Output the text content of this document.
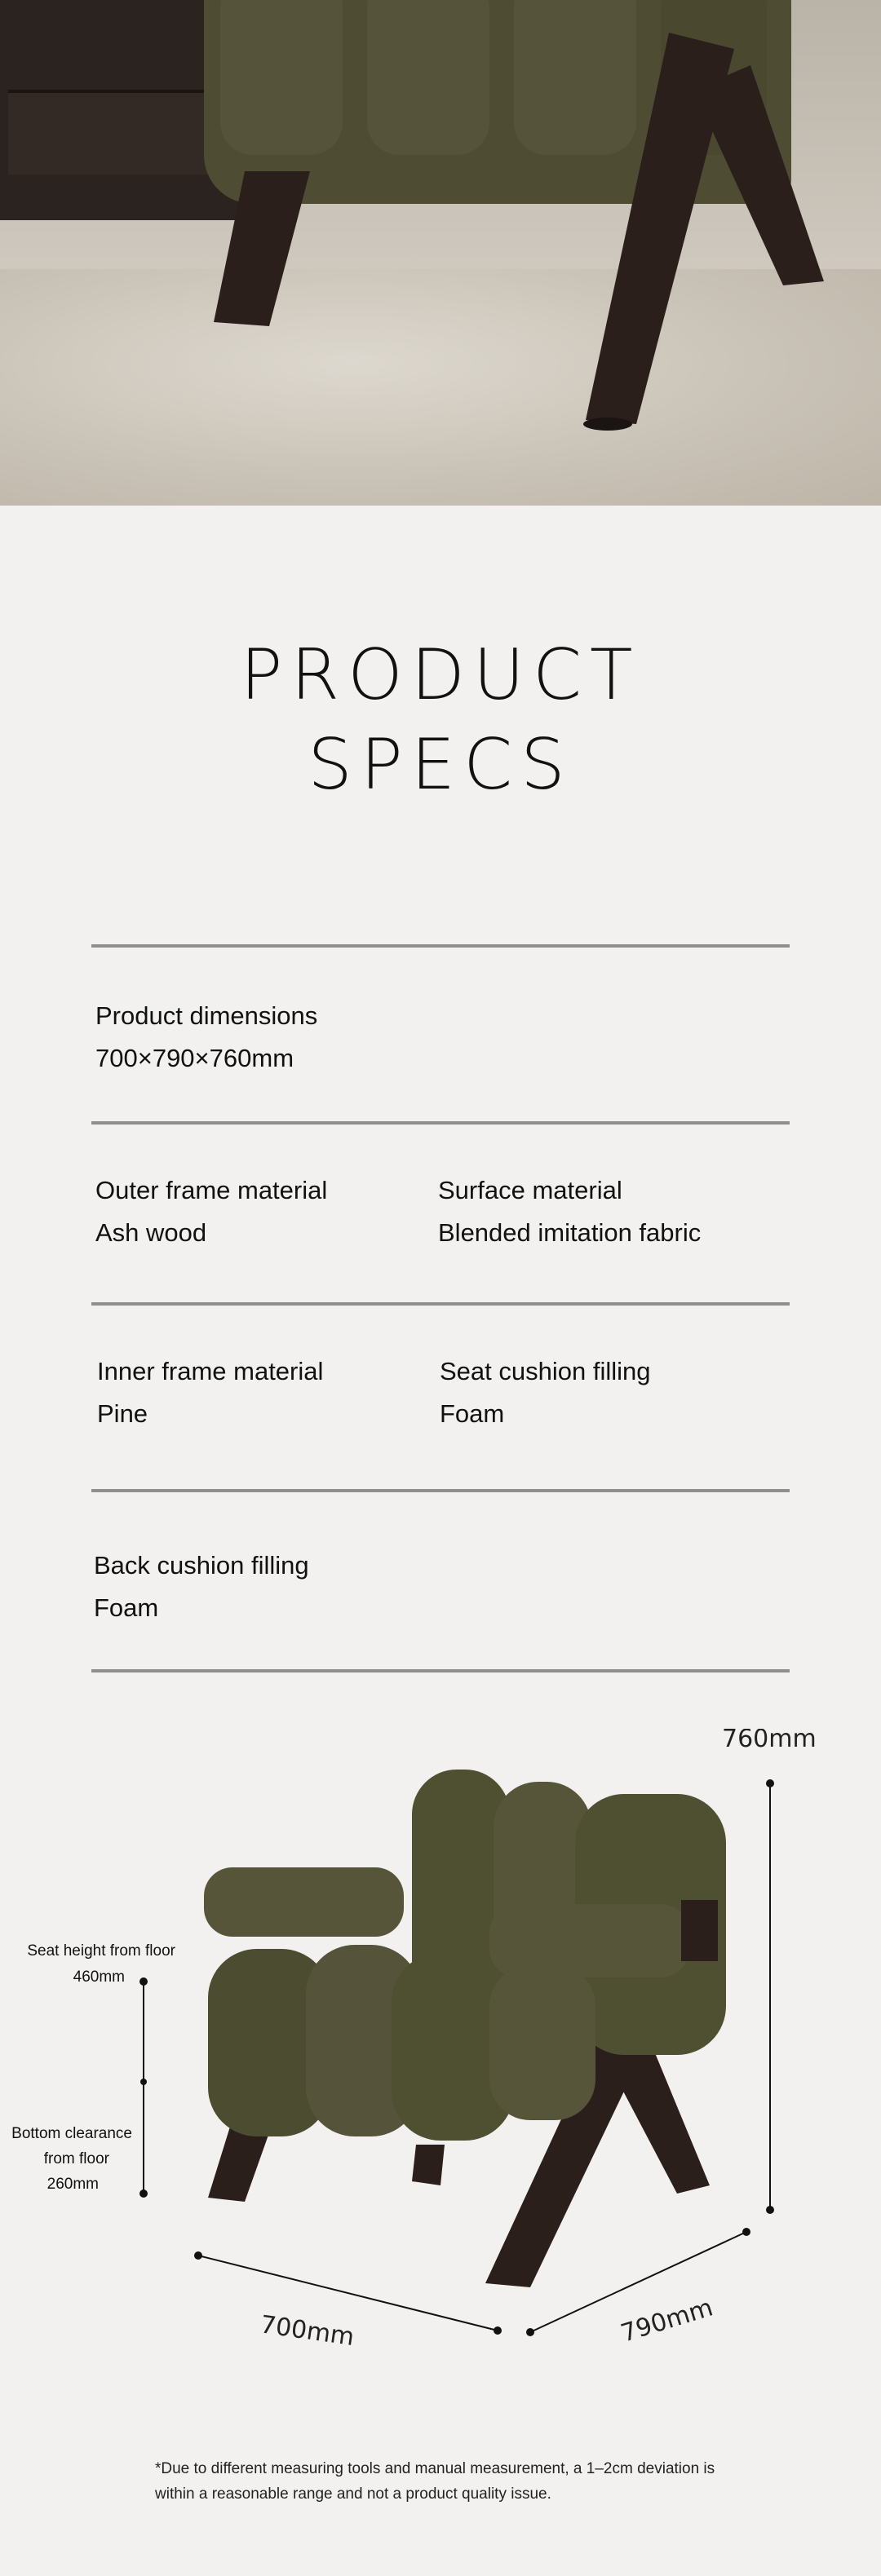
PRODUCT
SPECS
Product dimensions
700×790×760mm
Outer frame material
Ash wood
Surface material
Blended imitation fabric
Inner frame material
Pine
Seat cushion filling
Foam
Back cushion filling
Foam
760mm
700mm	790mm
Seat height from floor
460mm
Bottom clearance
from floor
260mm
*Due to different measuring tools and manual measurement, a 1–2cm deviation is
within a reasonable range and not a product quality issue.
